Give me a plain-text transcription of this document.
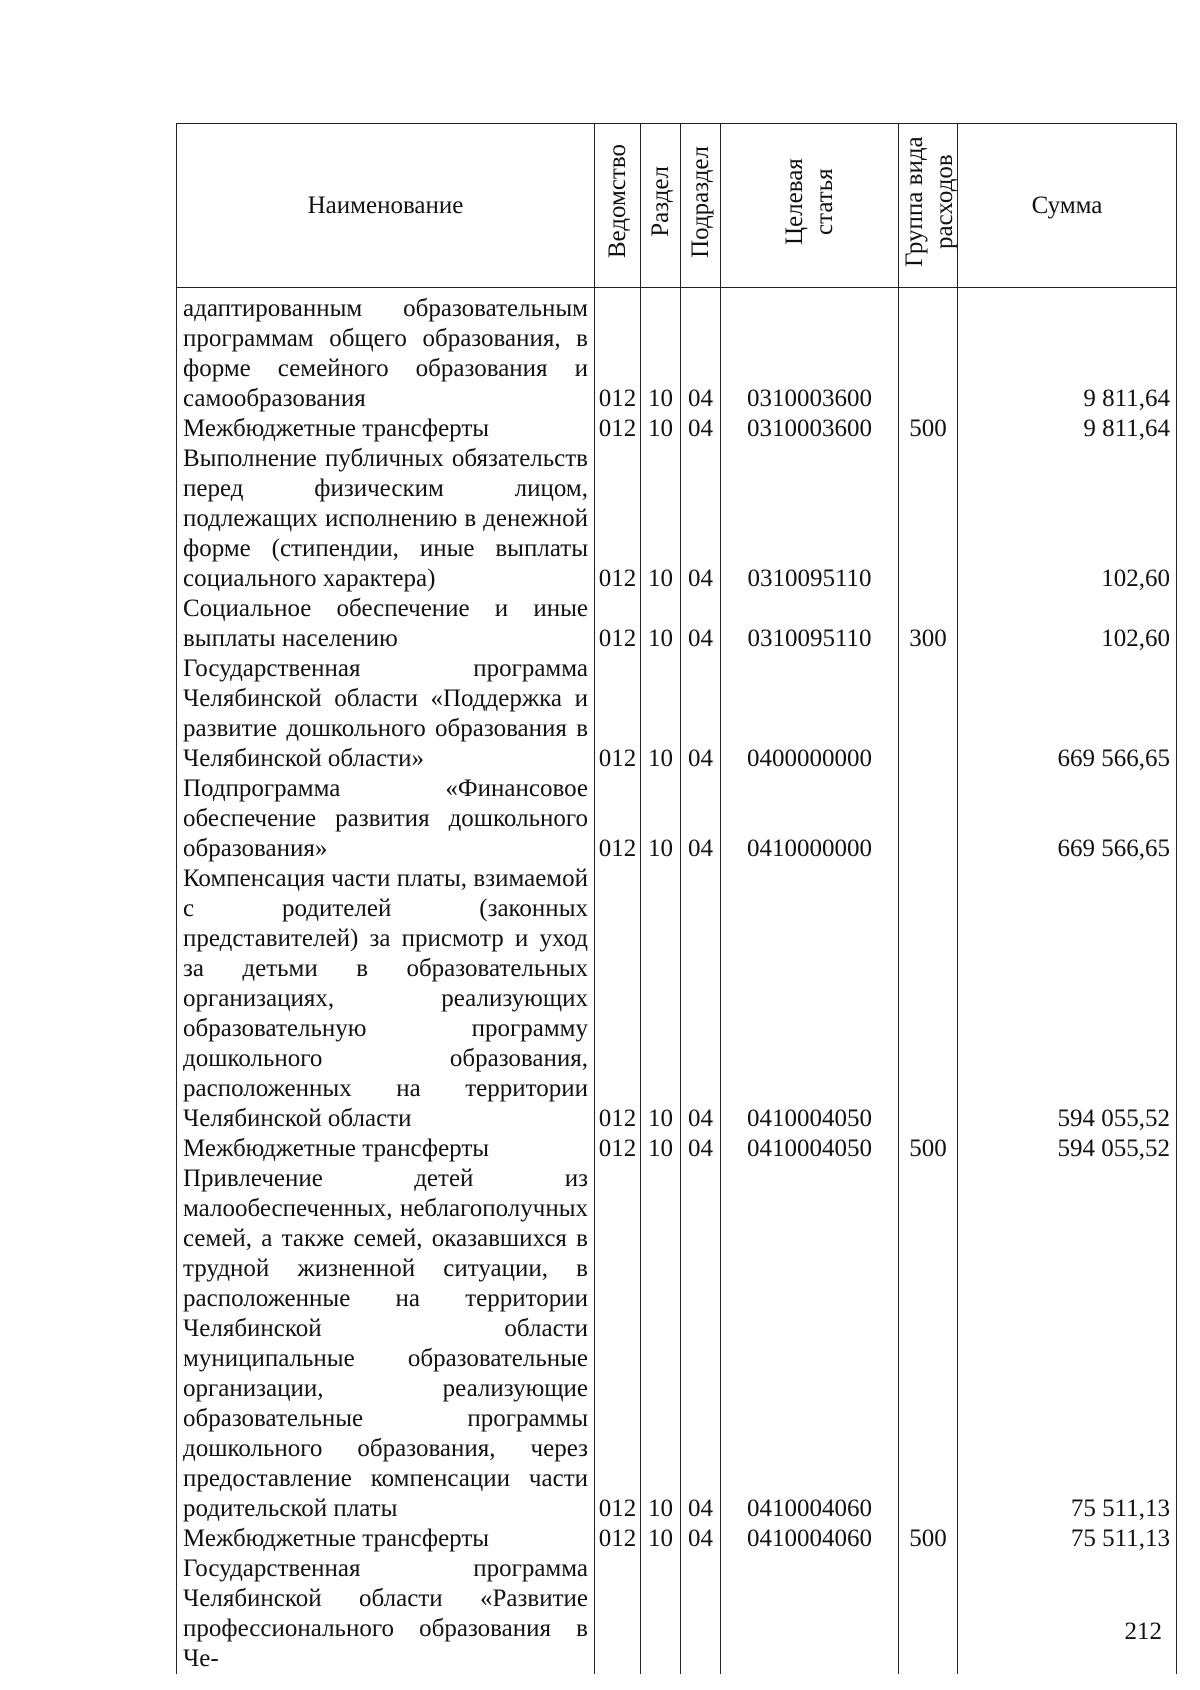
Наименование	Ведомство	Раздел	Подраздел	Целевая статья	Группа вида расходов	Сумма
адаптированным образовательным программам общего образования, в форме семейного образования и самообразования	012	10	04	0310003600		9 811,64
Межбюджетные трансферты	012	10	04	0310003600	500	9 811,64
Выполнение публичных обязательств перед физическим лицом, подлежащих исполнению в денежной форме (стипендии, иные выплаты социального характера)	012	10	04	0310095110		102,60
Социальное обеспечение и иные выплаты населению	012	10	04	0310095110	300	102,60
Государственная программа Челябинской области «Поддержка и развитие дошкольного образования в Челябинской области»	012	10	04	0400000000		669 566,65
Подпрограмма «Финансовое обеспечение развития дошкольного образования»	012	10	04	0410000000		669 566,65
Компенсация части платы, взимаемой с родителей (законных представителей) за присмотр и уход за детьми в образовательных организациях, реализующих образовательную программу дошкольного образования, расположенных на территории Челябинской области	012	10	04	0410004050		594 055,52
Межбюджетные трансферты	012	10	04	0410004050	500	594 055,52
Привлечение детей из малообеспеченных, неблагополучных семей, а также семей, оказавшихся в трудной жизненной ситуации, в расположенные на территории Челябинской области муниципальные образовательные организации, реализующие образовательные программы дошкольного образования, через предоставление компенсации части родительской платы	012	10	04	0410004060		75 511,13
Межбюджетные трансферты	012	10	04	0410004060	500	75 511,13
Государственная программа Челябинской области «Развитие профессионального образования в Че-						
212
